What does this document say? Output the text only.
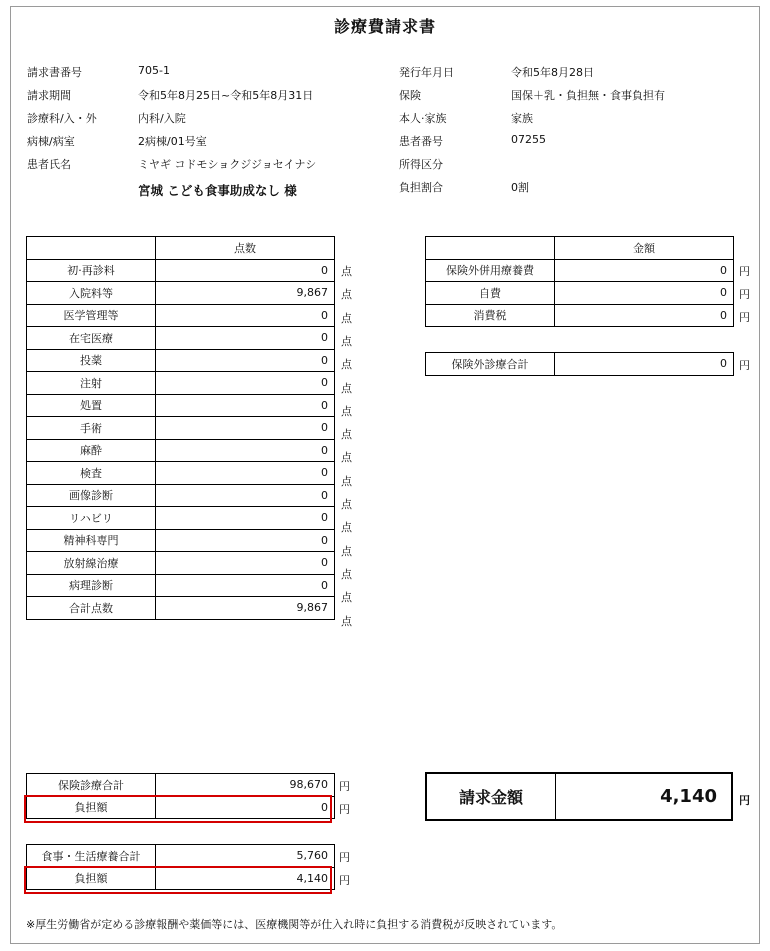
診療費請求書
請求書番号	705-1
請求期間	令和5年8月25日~令和5年8月31日
診療科/入・外	内科/入院
病棟/病室	2病棟/01号室
患者氏名	ミヤギ コドモショクジジョセイナシ
宮城 こども食事助成なし 様
発行年月日	令和5年8月28日
保険	国保＋乳・負担無・食事負担有
本人·家族	家族
患者番号	07255
所得区分
負担割合	0割
	点数
初·再診料	0
入院料等	9,867
医学管理等	0
在宅医療	0
投薬	0
注射	0
処置	0
手術	0
麻酔	0
検査	0
画像診断	0
リハビリ	0
精神科専門	0
放射線治療	0
病理診断	0
合計点数	9,867
点
点
点
点
点
点
点
点
点
点
点
点
点
点
点
点
	金額
保険外併用療養費	0
自費	0
消費税	0
円
円
円
保険外診療合計	0 円
保険診療合計	98,670
負担額	0
円
円
食事・生活療養合計	5,760
負担額	4,140
円
円
請求金額	4,140	円
※厚生労働省が定める診療報酬や薬価等には、医療機関等が仕入れ時に負担する消費税が反映されています。
